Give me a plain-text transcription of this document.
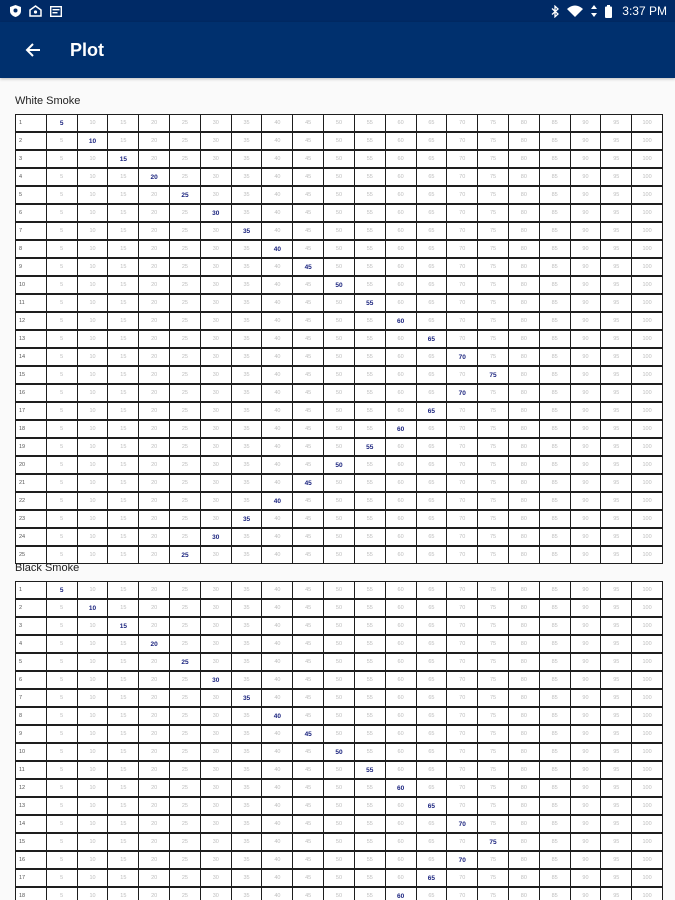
3:37 PM
Plot
White Smoke
1	5	10	15	20	25	30	35	40	45	50	55	60	65	70	75	80	85	90	95	100
2	5	10	15	20	25	30	35	40	45	50	55	60	65	70	75	80	85	90	95	100
3	5	10	15	20	25	30	35	40	45	50	55	60	65	70	75	80	85	90	95	100
4	5	10	15	20	25	30	35	40	45	50	55	60	65	70	75	80	85	90	95	100
5	5	10	15	20	25	30	35	40	45	50	55	60	65	70	75	80	85	90	95	100
6	5	10	15	20	25	30	35	40	45	50	55	60	65	70	75	80	85	90	95	100
7	5	10	15	20	25	30	35	40	45	50	55	60	65	70	75	80	85	90	95	100
8	5	10	15	20	25	30	35	40	45	50	55	60	65	70	75	80	85	90	95	100
9	5	10	15	20	25	30	35	40	45	50	55	60	65	70	75	80	85	90	95	100
10	5	10	15	20	25	30	35	40	45	50	55	60	65	70	75	80	85	90	95	100
11	5	10	15	20	25	30	35	40	45	50	55	60	65	70	75	80	85	90	95	100
12	5	10	15	20	25	30	35	40	45	50	55	60	65	70	75	80	85	90	95	100
13	5	10	15	20	25	30	35	40	45	50	55	60	65	70	75	80	85	90	95	100
14	5	10	15	20	25	30	35	40	45	50	55	60	65	70	75	80	85	90	95	100
15	5	10	15	20	25	30	35	40	45	50	55	60	65	70	75	80	85	90	95	100
16	5	10	15	20	25	30	35	40	45	50	55	60	65	70	75	80	85	90	95	100
17	5	10	15	20	25	30	35	40	45	50	55	60	65	70	75	80	85	90	95	100
18	5	10	15	20	25	30	35	40	45	50	55	60	65	70	75	80	85	90	95	100
19	5	10	15	20	25	30	35	40	45	50	55	60	65	70	75	80	85	90	95	100
20	5	10	15	20	25	30	35	40	45	50	55	60	65	70	75	80	85	90	95	100
21	5	10	15	20	25	30	35	40	45	50	55	60	65	70	75	80	85	90	95	100
22	5	10	15	20	25	30	35	40	45	50	55	60	65	70	75	80	85	90	95	100
23	5	10	15	20	25	30	35	40	45	50	55	60	65	70	75	80	85	90	95	100
24	5	10	15	20	25	30	35	40	45	50	55	60	65	70	75	80	85	90	95	100
25	5	10	15	20	25	30	35	40	45	50	55	60	65	70	75	80	85	90	95	100
Black Smoke
1	5	10	15	20	25	30	35	40	45	50	55	60	65	70	75	80	85	90	95	100
2	5	10	15	20	25	30	35	40	45	50	55	60	65	70	75	80	85	90	95	100
3	5	10	15	20	25	30	35	40	45	50	55	60	65	70	75	80	85	90	95	100
4	5	10	15	20	25	30	35	40	45	50	55	60	65	70	75	80	85	90	95	100
5	5	10	15	20	25	30	35	40	45	50	55	60	65	70	75	80	85	90	95	100
6	5	10	15	20	25	30	35	40	45	50	55	60	65	70	75	80	85	90	95	100
7	5	10	15	20	25	30	35	40	45	50	55	60	65	70	75	80	85	90	95	100
8	5	10	15	20	25	30	35	40	45	50	55	60	65	70	75	80	85	90	95	100
9	5	10	15	20	25	30	35	40	45	50	55	60	65	70	75	80	85	90	95	100
10	5	10	15	20	25	30	35	40	45	50	55	60	65	70	75	80	85	90	95	100
11	5	10	15	20	25	30	35	40	45	50	55	60	65	70	75	80	85	90	95	100
12	5	10	15	20	25	30	35	40	45	50	55	60	65	70	75	80	85	90	95	100
13	5	10	15	20	25	30	35	40	45	50	55	60	65	70	75	80	85	90	95	100
14	5	10	15	20	25	30	35	40	45	50	55	60	65	70	75	80	85	90	95	100
15	5	10	15	20	25	30	35	40	45	50	55	60	65	70	75	80	85	90	95	100
16	5	10	15	20	25	30	35	40	45	50	55	60	65	70	75	80	85	90	95	100
17	5	10	15	20	25	30	35	40	45	50	55	60	65	70	75	80	85	90	95	100
18	5	10	15	20	25	30	35	40	45	50	55	60	65	70	75	80	85	90	95	100
